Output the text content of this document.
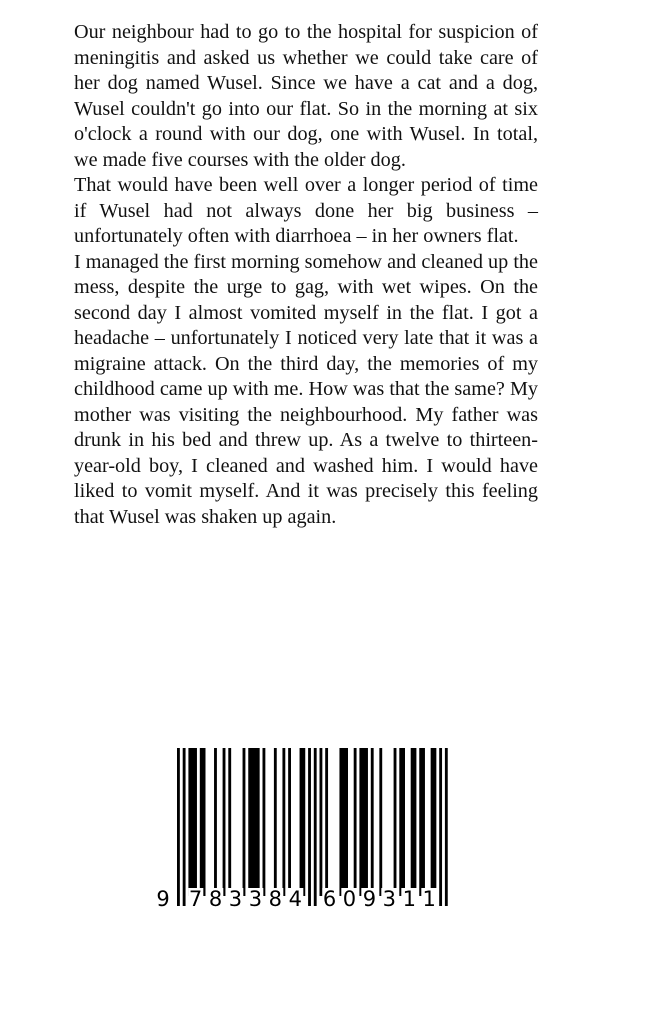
Our neighbour had to go to the hospital for suspicion of meningitis and asked us whether we could take care of her dog named Wusel. Since we have a cat and a dog, Wusel couldn't go into our flat. So in the morning at six o'clock a round with our dog, one with Wusel. In total, we made five courses with the older dog.

That would have been well over a longer period of time if Wusel had not always done her big business – unfortunately often with diarrhoea – in her owners flat.

I managed the first morning somehow and cleaned up the mess, despite the urge to gag, with wet wipes. On the second day I almost vomited myself in the flat. I got a headache – unfortunately I noticed very late that it was a migraine attack. On the third day, the memories of my childhood came up with me. How was that the same? My mother was visiting the neighbourhood. My father was drunk in his bed and threw up. As a twelve to thirteen-year-old boy, I cleaned and washed him. I would have liked to vomit myself. And it was precisely this feeling that Wusel was shaken up again.

9 7 8 3 3 8 4 6 0 9 3 1 1
